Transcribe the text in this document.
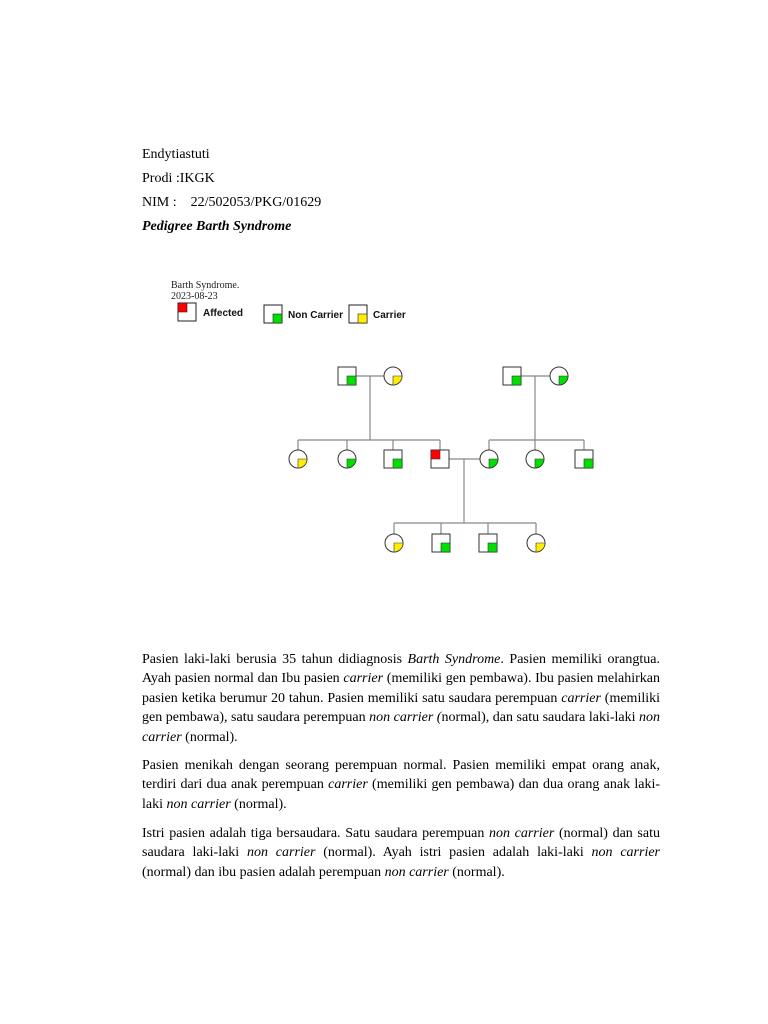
Endytiastuti
Prodi :IKGK
NIM :    22/502053/PKG/01629
Pedigree Barth Syndrome
Barth Syndrome.
2023-08-23
Affected	Non Carrier	Carrier

Pasien laki-laki berusia 35 tahun didiagnosis Barth Syndrome. Pasien memiliki orangtua. Ayah pasien normal dan Ibu pasien carrier (memiliki gen pembawa). Ibu pasien melahirkan pasien ketika berumur 20 tahun. Pasien memiliki satu saudara perempuan carrier (memiliki gen pembawa), satu saudara perempuan non carrier (normal), dan satu saudara laki-laki non carrier (normal).

Pasien menikah dengan seorang perempuan normal. Pasien memiliki empat orang anak, terdiri dari dua anak perempuan carrier (memiliki gen pembawa) dan dua orang anak laki-laki non carrier (normal).

Istri pasien adalah tiga bersaudara. Satu saudara perempuan non carrier (normal) dan satu saudara laki-laki non carrier (normal). Ayah istri pasien adalah laki-laki non carrier (normal) dan ibu pasien adalah perempuan non carrier (normal).
